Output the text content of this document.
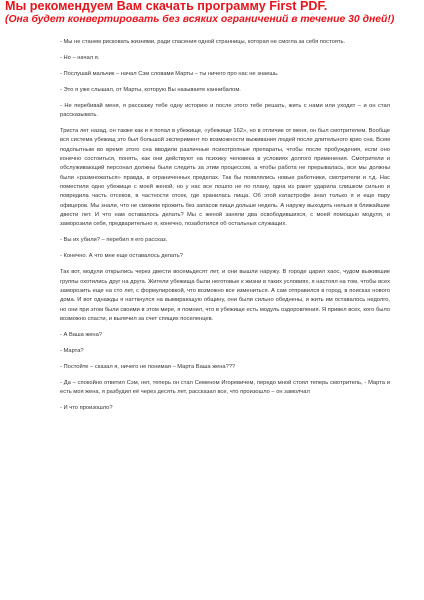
Мы рекомендуем Вам скачать программу First PDF.
(Она будет конвертировать без всяких ограничений в течение 30 дней!)

- Мы не станем рисковать жизнями, ради спасения одной странницы, которая не смогла за себя постоять.

- Но – начал я.

- Послушай мальчик – начал Сэм словами Марты – ты ничего про нас не знаешь.

- Это я уже слышал, от Марты, которую Вы называете каннибалом.

- Не перебивай меня, я расскажу тебе одну историю и после этого тебе решать, жить с нами или уходит – и он стал рассказывать.

Триста лет назад, он также как и я попал в убежище, «убежище 162», но в отличие от меня, он был смотрителем. Вообще вся система убежищ это был большой эксперимент по возможности выживания людей после длительного крио сна. Всем подопытным во время этого сна вводили различные психотропные препараты, чтобы после пробуждения, если оно конечно состоиться, понять, как они действуют на психику человека в условиях долгого применения. Смотрители и обслуживающий персонал должны были следить за этим процессом, а чтобы работа не прерывалась, все мы должны были «размножаться» правда, в ограниченных пределах. Так бы появлялись новые работники, смотрители и т.д. Нас поместили одно убежище с моей женой, но у нас все пошло не по плану, одна из ракет ударила слишком сильно и повредила часть отсеков, в частности отсек, где хранилась пища. Об этой катастрофе знал только я и еще пару офицеров. Мы знали, что не сможем прожить без запасов пищи дольше недель. А наружу выходить нельзя в ближайшие двести лет. И что нам оставалось делать? Мы с женой заняли два освободившихся, с моей помощью модуля, и заморозили себя, предварительно я, конечно, позаботился об остальных служащих.

- Вы их убили? – перебил я его рассказ.

- Конечно. А что мне еще оставалось делать?

Так вот, модули открылись через двести восемьдесят лет, и они вышли наружу. В городе царил хаос, чудом выжившие группы охотились друг на друга. Жители убежища были неготовые к жизни в таких условиях, я настоял на том, чтобы всех заморозить еще на сто лет, с формулировкой, что возможно все измениться. А сам отправился в город, в поисках нового дома. И вот однажды я натткнулся на вымирающую общину, они были сильно обеднены, и жить им оставалось недолго, но они при этом были своими в этом мире, я помнил, что в убежище есть модуль оздоровления. Я привел всех, кого было возможно спасти, и вылечил за счет спящих поселенцев.

- А Ваша жена?

- Марта?

- Постойте – сказал я, ничего не понимая – Марта Ваша жена???

- Да – спокойно ответил Сэм, нет, теперь он стал Семеном Игоревичем, передо мной стоял теперь смотритель, - Марта и есть моя жена, я разбудил её через десять лет, рассказал все, что произошло – он замолчал

- И что произошло?
